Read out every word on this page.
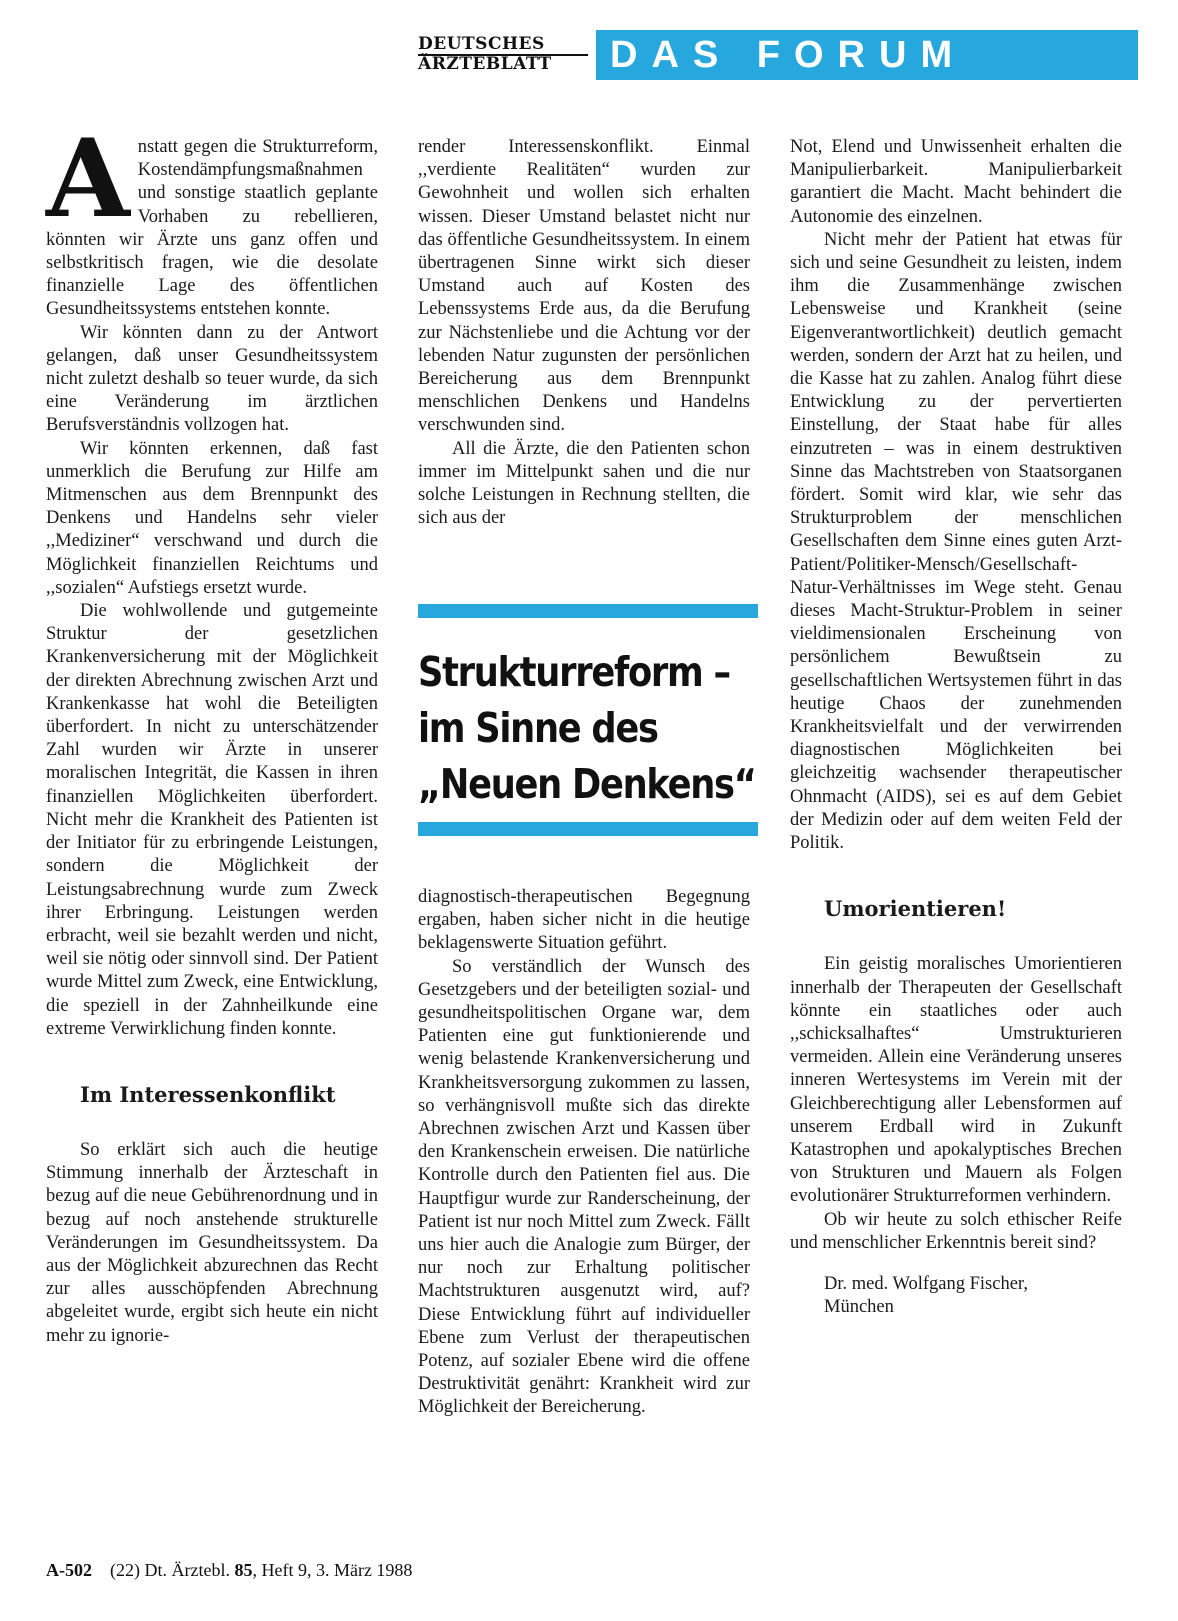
DEUTSCHES
ÄRZTEBLATT	DAS FORUM

Anstatt gegen die Strukturreform, Kostendämpfungsmaßnahmen und sonstige staatlich geplante Vorhaben zu rebellieren, könnten wir Ärzte uns ganz offen und selbstkritisch fragen, wie die desolate finanzielle Lage des öffentlichen Gesundheitssystems entstehen konnte.

Wir könnten dann zu der Antwort gelangen, daß unser Gesundheitssystem nicht zuletzt deshalb so teuer wurde, da sich eine Veränderung im ärztlichen Berufsverständnis vollzogen hat.

Wir könnten erkennen, daß fast unmerklich die Berufung zur Hilfe am Mitmenschen aus dem Brennpunkt des Denkens und Handelns sehr vieler ,,Mediziner“ verschwand und durch die Möglichkeit finanziellen Reichtums und ,,sozialen“ Aufstiegs ersetzt wurde.

Die wohlwollende und gutgemeinte Struktur der gesetzlichen Krankenversicherung mit der Möglichkeit der direkten Abrechnung zwischen Arzt und Krankenkasse hat wohl die Beteiligten überfordert. In nicht zu unterschätzender Zahl wurden wir Ärzte in unserer moralischen Integrität, die Kassen in ihren finanziellen Möglichkeiten überfordert. Nicht mehr die Krankheit des Patienten ist der Initiator für zu erbringende Leistungen, sondern die Möglichkeit der Leistungsabrechnung wurde zum Zweck ihrer Erbringung. Leistungen werden erbracht, weil sie bezahlt werden und nicht, weil sie nötig oder sinnvoll sind. Der Patient wurde Mittel zum Zweck, eine Entwicklung, die speziell in der Zahnheilkunde eine extreme Verwirklichung finden konnte.

Im Interessenkonflikt

So erklärt sich auch die heutige Stimmung innerhalb der Ärzteschaft in bezug auf die neue Gebührenordnung und in bezug auf noch anstehende strukturelle Veränderungen im Gesundheitssystem. Da aus der Möglichkeit abzurechnen das Recht zur alles ausschöpfenden Abrechnung abgeleitet wurde, ergibt sich heute ein nicht mehr zu ignorie-

render Interessenskonflikt. Einmal ,,verdiente Realitäten“ wurden zur Gewohnheit und wollen sich erhalten wissen. Dieser Umstand belastet nicht nur das öffentliche Gesundheitssystem. In einem übertragenen Sinne wirkt sich dieser Umstand auch auf Kosten des Lebenssystems Erde aus, da die Berufung zur Nächstenliebe und die Achtung vor der lebenden Natur zugunsten der persönlichen Bereicherung aus dem Brennpunkt menschlichen Denkens und Handelns verschwunden sind.

All die Ärzte, die den Patienten schon immer im Mittelpunkt sahen und die nur solche Leistungen in Rechnung stellten, die sich aus der

Strukturreform –
im Sinne des
„Neuen Denkens“

diagnostisch-therapeutischen Begegnung ergaben, haben sicher nicht in die heutige beklagenswerte Situation geführt.

So verständlich der Wunsch des Gesetzgebers und der beteiligten sozial- und gesundheitspolitischen Organe war, dem Patienten eine gut funktionierende und wenig belastende Krankenversicherung und Krankheitsversorgung zukommen zu lassen, so verhängnisvoll mußte sich das direkte Abrechnen zwischen Arzt und Kassen über den Krankenschein erweisen. Die natürliche Kontrolle durch den Patienten fiel aus. Die Hauptfigur wurde zur Randerscheinung, der Patient ist nur noch Mittel zum Zweck. Fällt uns hier auch die Analogie zum Bürger, der nur noch zur Erhaltung politischer Machtstrukturen ausgenutzt wird, auf? Diese Entwicklung führt auf individueller Ebene zum Verlust der therapeutischen Potenz, auf sozialer Ebene wird die offene Destruktivität genährt: Krankheit wird zur Möglichkeit der Bereicherung.

Not, Elend und Unwissenheit erhalten die Manipulierbarkeit. Manipulierbarkeit garantiert die Macht. Macht behindert die Autonomie des einzelnen.

Nicht mehr der Patient hat etwas für sich und seine Gesundheit zu leisten, indem ihm die Zusammenhänge zwischen Lebensweise und Krankheit (seine Eigenverantwortlichkeit) deutlich gemacht werden, sondern der Arzt hat zu heilen, und die Kasse hat zu zahlen. Analog führt diese Entwicklung zu der pervertierten Einstellung, der Staat habe für alles einzutreten – was in einem destruktiven Sinne das Machtstreben von Staatsorganen fördert. Somit wird klar, wie sehr das Strukturproblem der menschlichen Gesellschaften dem Sinne eines guten Arzt-Patient/Politiker-Mensch/Gesellschaft-Natur-Verhältnisses im Wege steht. Genau dieses Macht-Struktur-Problem in seiner vieldimensionalen Erscheinung von persönlichem Bewußtsein zu gesellschaftlichen Wertsystemen führt in das heutige Chaos der zunehmenden Krankheitsvielfalt und der verwirrenden diagnostischen Möglichkeiten bei gleichzeitig wachsender therapeutischer Ohnmacht (AIDS), sei es auf dem Gebiet der Medizin oder auf dem weiten Feld der Politik.

Umorientieren!

Ein geistig moralisches Umorientieren innerhalb der Therapeuten der Gesellschaft könnte ein staatliches oder auch ,,schicksalhaftes“ Umstrukturieren vermeiden. Allein eine Veränderung unseres inneren Wertesystems im Verein mit der Gleichberechtigung aller Lebensformen auf unserem Erdball wird in Zukunft Katastrophen und apokalyptisches Brechen von Strukturen und Mauern als Folgen evolutionärer Strukturreformen verhindern.

Ob wir heute zu solch ethischer Reife und menschlicher Erkenntnis bereit sind?

Dr. med. Wolfgang Fischer,
München
A-502 (22) Dt. Ärztebl. 85, Heft 9, 3. März 1988
